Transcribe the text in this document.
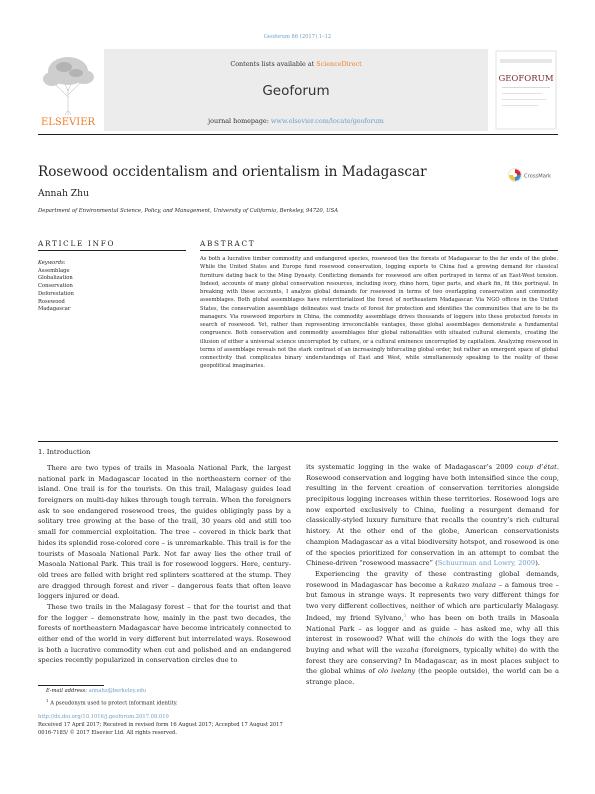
Geoforum 86 (2017) 1–12
ELSEVIER
Contents lists available at ScienceDirect
Geoforum
journal homepage: www.elsevier.com/locate/geoforum
GEOFORUM
Rosewood occidentalism and orientalism in Madagascar	CrossMark
Annah Zhu
Department of Environmental Science, Policy, and Management, University of California, Berkeley, 94720, USA
ARTICLE INFO	ABSTRACT
Keywords:
Assemblage
Globalization
Conservation
Deforestation
Rosewood
Madagascar
As both a lucrative timber commodity and endangered species, rosewood ties the forests of Madagascar to the far ends of the globe. While the United States and Europe fund rosewood conservation, logging exports to China fuel a growing demand for classical furniture dating back to the Ming Dynasty. Conflicting demands for rosewood are often portrayed in terms of an East-West tension. Indeed, accounts of many global conservation resources, including ivory, rhino horn, tiger parts, and shark fin, fit this portrayal. In breaking with these accounts, I analyze global demands for rosewood in terms of two overlapping conservation and commodity assemblages. Both global assemblages have reterritorialized the forest of northeastern Madagascar. Via NGO offices in the United States, the conservation assemblage delineates vast tracts of forest for protection and identifies the communities that are to be its managers. Via rosewood importers in China, the commodity assemblage drives thousands of loggers into these protected forests in search of rosewood. Yet, rather than representing irreconcilable vantages, these global assemblages demonstrate a fundamental congruence. Both conservation and commodity assemblages blur global rationalities with situated cultural elements, creating the illusion of either a universal science uncorrupted by culture, or a cultural eminence uncorrupted by capitalism. Analyzing rosewood in terms of assemblage reveals not the stark contrast of an increasingly bifurcating global order, but rather an emergent space of global connectivity that complicates binary understandings of East and West, while simultaneously speaking to the reality of these geopolitical imaginaries.
1. Introduction

There are two types of trails in Masoala National Park, the largest national park in Madagascar located in the northeastern corner of the island. One trail is for the tourists. On this trail, Malagasy guides lead foreigners on multi-day hikes through tough terrain. When the foreigners ask to see endangered rosewood trees, the guides obligingly pass by a solitary tree growing at the base of the trail, 30 years old and still too small for commercial exploitation. The tree – covered in thick bark that hides its splendid rose-colored core – is unremarkable. This trail is for the tourists of Masoala National Park. Not far away lies the other trail of Masoala National Park. This trail is for rosewood loggers. Here, century-old trees are felled with bright red splinters scattered at the stump. They are dragged through forest and river – dangerous feats that often leave loggers injured or dead.

These two trails in the Malagasy forest – that for the tourist and that for the logger – demonstrate how, mainly in the past two decades, the forests of northeastern Madagascar have become intricately connected to either end of the world in very different but interrelated ways. Rosewood is both a lucrative commodity when cut and polished and an endangered species recently popularized in conservation circles due to

its systematic logging in the wake of Madagascar’s 2009 coup d’état. Rosewood conservation and logging have both intensified since the coup, resulting in the fervent creation of conservation territories alongside precipitous logging increases within these territories. Rosewood logs are now exported exclusively to China, fueling a resurgent demand for classically-styled luxury furniture that recalls the country’s rich cultural history. At the other end of the globe, American conservationists champion Madagascar as a vital biodiversity hotspot, and rosewood is one of the species prioritized for conservation in an attempt to combat the Chinese-driven “rosewood massacre” (Schuurman and Lowry, 2009).

Experiencing the gravity of these contrasting global demands, rosewood in Madagascar has become a kakazo malaza – a famous tree – but famous in strange ways. It represents two very different things for two very different collectives, neither of which are particularly Malagasy. Indeed, my friend Sylvano,$^1$ who has been on both trails in Masoala National Park – as logger and as guide – has asked me, why all this interest in rosewood? What will the chinois do with the logs they are buying and what will the vazaha (foreigners, typically white) do with the forest they are conserving? In Madagascar, as in most places subject to the global whims of olo ivelany (the people outside), the world can be a strange place.

E-mail address: annahz@berkeley.edu
$^1$ A pseudonym used to protect informant identity.
http://dx.doi.org/10.1016/j.geoforum.2017.08.010
Received 17 April 2017; Received in revised form 16 August 2017; Accepted 17 August 2017
0016-7185/ © 2017 Elsevier Ltd. All rights reserved.
